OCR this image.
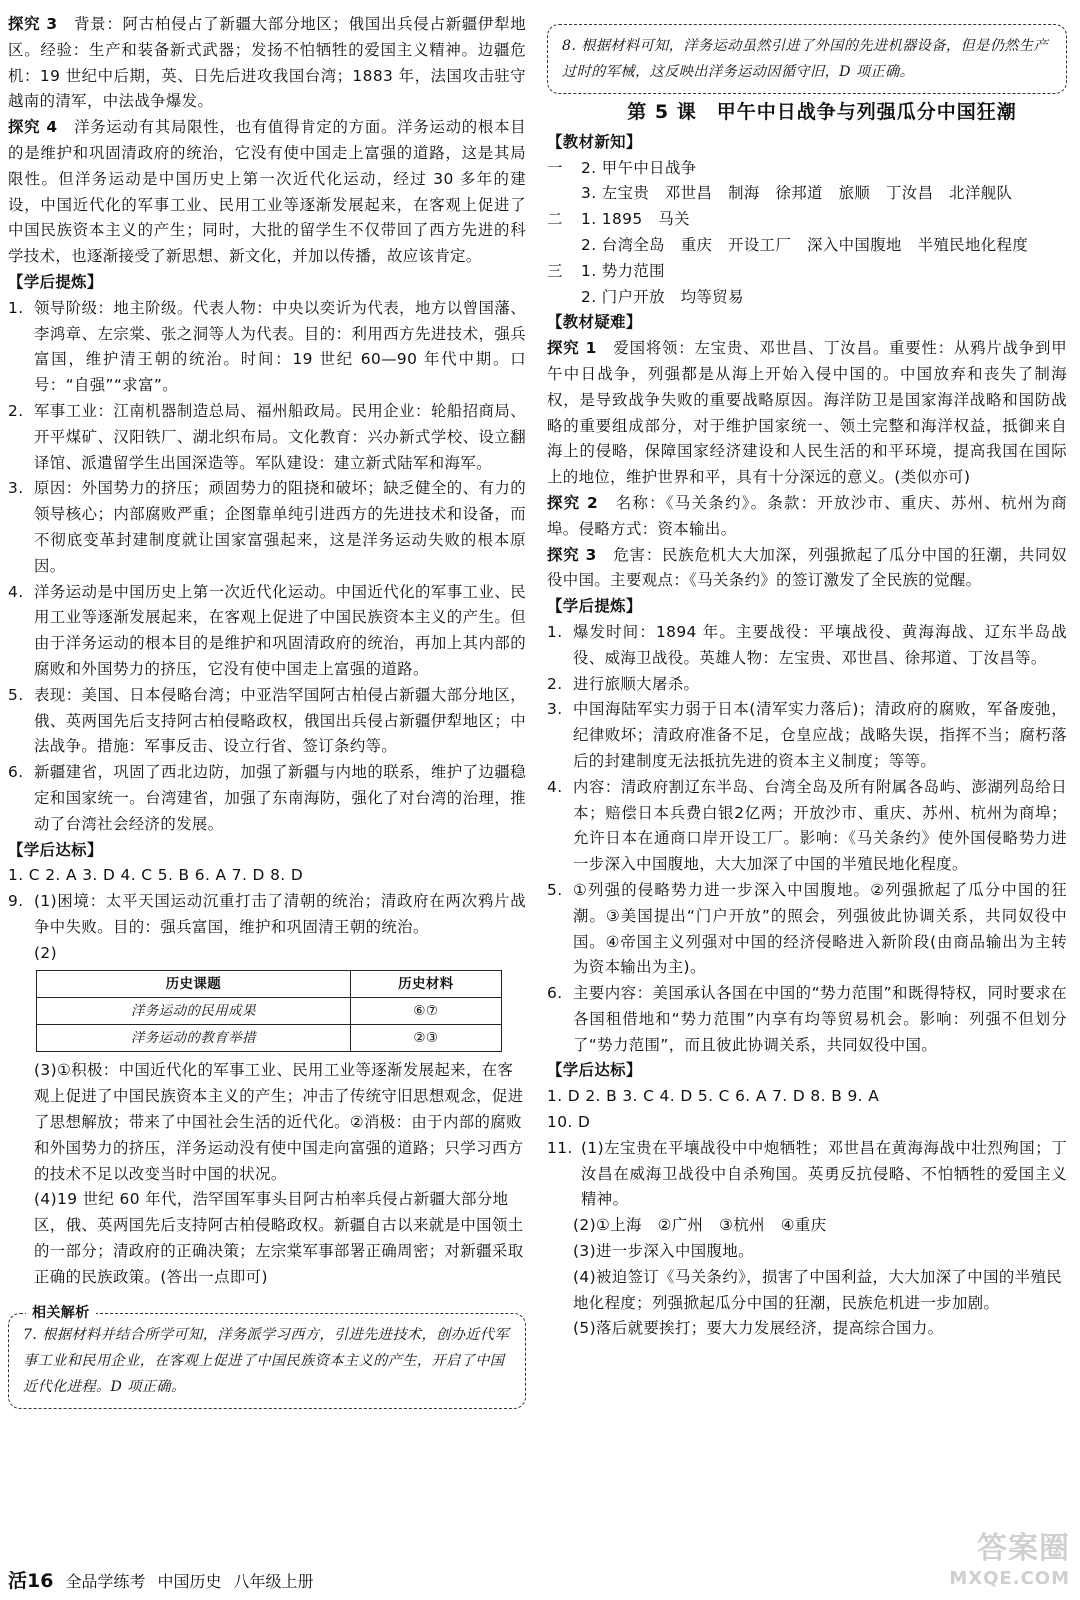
探究 3　 背景：阿古柏侵占了新疆大部分地区；俄国出兵侵占新疆伊犁地区。经验：生产和装备新式武器；发扬不怕牺牲的爱国主义精神。边疆危机：19 世纪中后期，英、日先后进攻我国台湾；1883 年，法国攻击驻守越南的清军，中法战争爆发。

探究 4　 洋务运动有其局限性，也有值得肯定的方面。洋务运动的根本目的是维护和巩固清政府的统治，它没有使中国走上富强的道路，这是其局限性。但洋务运动是中国历史上第一次近代化运动，经过 30 多年的建设，中国近代化的军事工业、民用工业等逐渐发展起来，在客观上促进了中国民族资本主义的产生；同时，大批的留学生不仅带回了西方先进的科学技术，也逐渐接受了新思想、新文化，并加以传播，故应该肯定。

【学后提炼】

1. 领导阶级：地主阶级。代表人物：中央以奕䜣为代表，地方以曾国藩、李鸿章、左宗棠、张之洞等人为代表。目的：利用西方先进技术，强兵富国，维护清王朝的统治。时间：19 世纪 60—90 年代中期。口号：“自强”“求富”。
2. 军事工业：江南机器制造总局、福州船政局。民用企业：轮船招商局、开平煤矿、汉阳铁厂、湖北织布局。文化教育：兴办新式学校、设立翻译馆、派遣留学生出国深造等。军队建设：建立新式陆军和海军。
3. 原因：外国势力的挤压；顽固势力的阻挠和破坏；缺乏健全的、有力的领导核心；内部腐败严重；企图靠单纯引进西方的先进技术和设备，而不彻底变革封建制度就让国家富强起来，这是洋务运动失败的根本原因。
4. 洋务运动是中国历史上第一次近代化运动。中国近代化的军事工业、民用工业等逐渐发展起来，在客观上促进了中国民族资本主义的产生。但由于洋务运动的根本目的是维护和巩固清政府的统治，再加上其内部的腐败和外国势力的挤压，它没有使中国走上富强的道路。
5. 表现：美国、日本侵略台湾；中亚浩罕国阿古柏侵占新疆大部分地区，俄、英两国先后支持阿古柏侵略政权，俄国出兵侵占新疆伊犁地区；中法战争。措施：军事反击、设立行省、签订条约等。
6. 新疆建省，巩固了西北边防，加强了新疆与内地的联系，维护了边疆稳定和国家统一。台湾建省，加强了东南海防，强化了对台湾的治理，推动了台湾社会经济的发展。

【学后达标】

1. C 2. A 3. D 4. C 5. B 6. A 7. D 8. D

9. (1)困境：太平天国运动沉重打击了清朝的统治；清政府在两次鸦片战争中失败。目的：强兵富国，维护和巩固清王朝的统治。
(2)
历史课题	历史材料
洋务运动的民用成果	⑥⑦
洋务运动的教育举措	②③

(3)①积极：中国近代化的军事工业、民用工业等逐渐发展起来，在客观上促进了中国民族资本主义的产生；冲击了传统守旧思想观念，促进了思想解放；带来了中国社会生活的近代化。②消极：由于内部的腐败和外国势力的挤压，洋务运动没有使中国走向富强的道路；只学习西方的技术不足以改变当时中国的状况。

(4)19 世纪 60 年代，浩罕国军事头目阿古柏率兵侵占新疆大部分地区，俄、英两国先后支持阿古柏侵略政权。新疆自古以来就是中国领土的一部分；清政府的正确决策；左宗棠军事部署正确周密；对新疆采取正确的民族政策。(答出一点即可)

相关解析
7. 根据材料并结合所学可知，洋务派学习西方，引进先进技术，创办近代军事工业和民用企业，在客观上促进了中国民族资本主义的产生，开启了中国近代化进程。D 项正确。
8. 根据材料可知，洋务运动虽然引进了外国的先进机器设备，但是仍然生产过时的军械，这反映出洋务运动因循守旧，D 项正确。

第 5 课　甲午中日战争与列强瓜分中国狂潮

【教材新知】

一	2. 甲午中日战争
3. 左宝贵　邓世昌　制海　徐邦道　旅顺　丁汝昌　北洋舰队
二	1. 1895　马关
2. 台湾全岛　重庆　开设工厂　深入中国腹地　半殖民地化程度
三	1. 势力范围
2. 门户开放　均等贸易

【教材疑难】

探究 1　 爱国将领：左宝贵、邓世昌、丁汝昌。重要性：从鸦片战争到甲午中日战争，列强都是从海上开始入侵中国的。中国放弃和丧失了制海权，是导致战争失败的重要战略原因。海洋防卫是国家海洋战略和国防战略的重要组成部分，对于维护国家统一、领土完整和海洋权益，抵御来自海上的侵略，保障国家经济建设和人民生活的和平环境，提高我国在国际上的地位，维护世界和平，具有十分深远的意义。(类似亦可)

探究 2　 名称：《马关条约》。条款：开放沙市、重庆、苏州、杭州为商埠。侵略方式：资本输出。

探究 3　 危害：民族危机大大加深，列强掀起了瓜分中国的狂潮，共同奴役中国。主要观点：《马关条约》的签订激发了全民族的觉醒。

【学后提炼】

1. 爆发时间：1894 年。主要战役：平壤战役、黄海海战、辽东半岛战役、威海卫战役。英雄人物：左宝贵、邓世昌、徐邦道、丁汝昌等。
2. 进行旅顺大屠杀。
3. 中国海陆军实力弱于日本(清军实力落后)；清政府的腐败，军备废弛，纪律败坏；清政府准备不足，仓皇应战；战略失误，指挥不当；腐朽落后的封建制度无法抵抗先进的资本主义制度；等等。
4. 内容：清政府割辽东半岛、台湾全岛及所有附属各岛屿、澎湖列岛给日本；赔偿日本兵费白银2亿两；开放沙市、重庆、苏州、杭州为商埠；允许日本在通商口岸开设工厂。影响：《马关条约》使外国侵略势力进一步深入中国腹地，大大加深了中国的半殖民地化程度。
5. ①列强的侵略势力进一步深入中国腹地。②列强掀起了瓜分中国的狂潮。③美国提出“门户开放”的照会，列强彼此协调关系，共同奴役中国。④帝国主义列强对中国的经济侵略进入新阶段(由商品输出为主转为资本输出为主)。
6. 主要内容：美国承认各国在中国的“势力范围”和既得特权，同时要求在各国租借地和“势力范围”内享有均等贸易机会。影响：列强不但划分了“势力范围”，而且彼此协调关系，共同奴役中国。

【学后达标】

1. D 2. B 3. C 4. D 5. C 6. A 7. D 8. B 9. A

10. D

11. (1)左宝贵在平壤战役中中炮牺牲；邓世昌在黄海海战中壮烈殉国；丁汝昌在威海卫战役中自杀殉国。英勇反抗侵略、不怕牺牲的爱国主义精神。

(2)①上海　②广州　③杭州　④重庆

(3)进一步深入中国腹地。

(4)被迫签订《马关条约》，损害了中国利益，大大加深了中国的半殖民地化程度；列强掀起瓜分中国的狂潮，民族危机进一步加剧。

(5)落后就要挨打；要大力发展经济，提高综合国力。

活16 全品学练考 中国历史 八年级上册
答案圈
MXQE.COM
